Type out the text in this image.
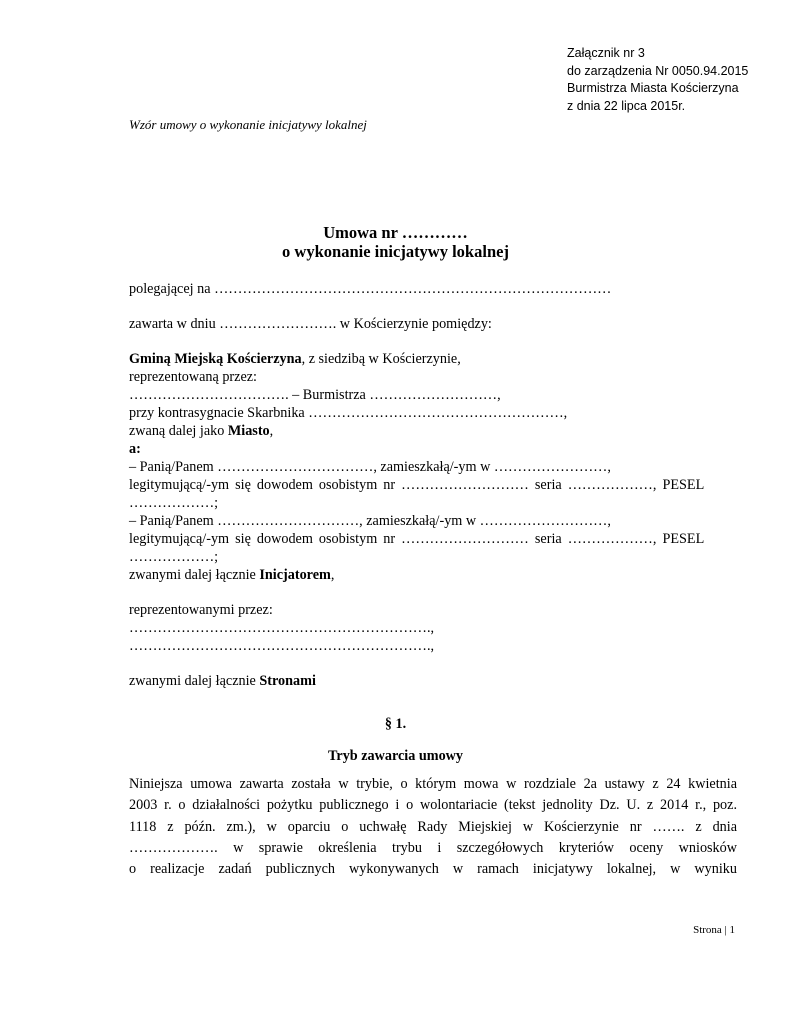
Załącznik nr 3
do zarządzenia Nr 0050.94.2015
Burmistrza Miasta Kościerzyna
z dnia 22 lipca 2015r.
Wzór umowy o wykonanie inicjatywy lokalnej
Umowa nr …………
o wykonanie inicjatywy lokalnej
polegającej na …………………………………………………………………………
zawarta w dniu ……………………. w Kościerzynie pomiędzy:
Gminą Miejską Kościerzyna, z siedzibą w Kościerzynie,
reprezentowaną przez:
……………………………. – Burmistrza ………………………,
przy kontrasygnacie Skarbnika ………………………………………………,
zwaną dalej jako Miasto,
a:
– Panią/Panem ……………………………, zamieszkałą/-ym w ……………………,
legitymującą/-ym się dowodem osobistym nr ……………………… seria ………………, PESEL
………………;
– Panią/Panem …………………………, zamieszkałą/-ym w ………………………,
legitymującą/-ym się dowodem osobistym nr ……………………… seria ………………, PESEL
………………;
zwanymi dalej łącznie Inicjatorem,
reprezentowanymi przez:
……………………………………………………….,
……………………………………………………….,
zwanymi dalej łącznie Stronami
§ 1.
Tryb zawarcia umowy
Niniejsza umowa zawarta została w trybie, o którym mowa w rozdziale 2a ustawy z 24 kwietnia
2003 r. o działalności pożytku publicznego i o wolontariacie (tekst jednolity Dz. U. z 2014 r., poz.
1118 z późn. zm.), w oparciu o uchwałę Rady Miejskiej w Kościerzynie nr ……. z dnia
………………. w sprawie określenia trybu i szczegółowych kryteriów oceny wniosków
o realizacje zadań publicznych wykonywanych w ramach inicjatywy lokalnej, w wyniku
Strona | 1
